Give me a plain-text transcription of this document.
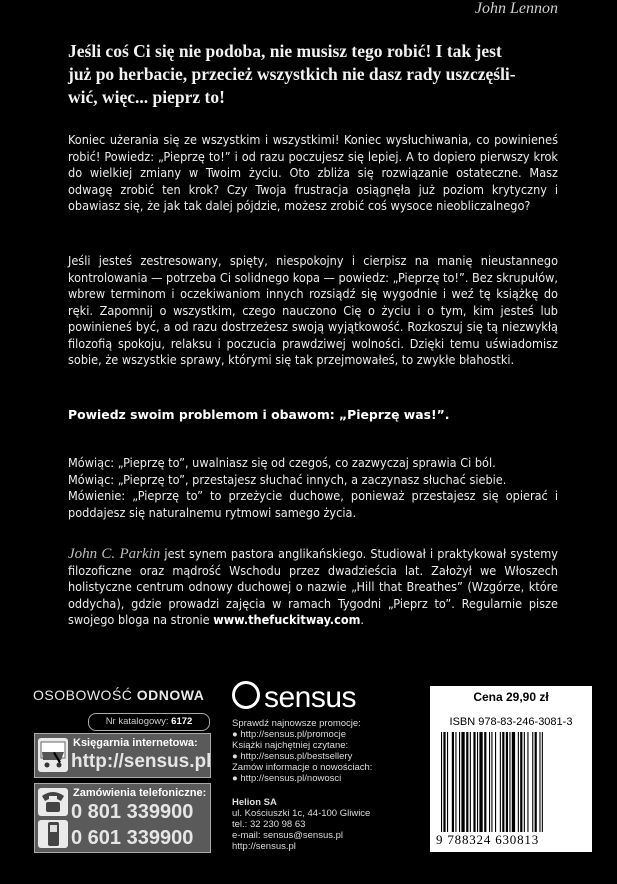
Jeśli coś Ci się nie podoba, nie musisz tego robić! I tak jest
już po herbacie, przecież wszystkich nie dasz rady uszczęśli-
wić, więc... pieprz to!
John Lennon
Koniec użerania się ze wszystkim i wszystkimi! Koniec wysłuchiwania, co powinieneś robić! Powiedz: „Pieprzę to!” i od razu poczujesz się lepiej. A to dopiero pierwszy krok do wielkiej zmiany w Twoim życiu. Oto zbliża się rozwiązanie ostateczne. Masz odwagę zrobić ten krok? Czy Twoja frustracja osiągnęła już poziom krytyczny i obawiasz się, że jak tak dalej pójdzie, możesz zrobić coś wysoce nieobliczalnego?
Jeśli jesteś zestresowany, spięty, niespokojny i cierpisz na manię nieustannego kontrolowania — potrzeba Ci solidnego kopa — powiedz: „Pieprzę to!”. Bez skrupułów, wbrew terminom i oczekiwaniom innych rozsiądź się wygodnie i weź tę książkę do ręki. Zapomnij o wszystkim, czego nauczono Cię o życiu i o tym, kim jesteś lub powinieneś być, a od razu dostrzeżesz swoją wyjątkowość. Rozkoszuj się tą niezwykłą filozofią spokoju, relaksu i poczucia prawdziwej wolności. Dzięki temu uświadomisz sobie, że wszystkie sprawy, którymi się tak przejmowałeś, to zwykłe błahostki.
Powiedz swoim problemom i obawom: „Pieprzę was!”.
Mówiąc: „Pieprzę to”, uwalniasz się od czegoś, co zazwyczaj sprawia Ci ból.
Mówiąc: „Pieprzę to”, przestajesz słuchać innych, a zaczynasz słuchać siebie.
Mówienie: „Pieprzę to” to przeżycie duchowe, ponieważ przestajesz się opierać i poddajesz się naturalnemu rytmowi samego życia.
John C. Parkin jest synem pastora anglikańskiego. Studiował i praktykował systemy filozoficzne oraz mądrość Wschodu przez dwadzieścia lat. Założył we Włoszech holistyczne centrum odnowy duchowej o nazwie „Hill that Breathes” (Wzgórze, które oddycha), gdzie prowadzi zajęcia w ramach Tygodni „Pieprz to”. Regularnie pisze swojego bloga na stronie www.thefuckitway.com.
OSOBOWOŚĆ ODNOWA
Nr katalogowy: 6172
Księgarnia internetowa:
http://sensus.pl
Zamówienia telefoniczne:
0 801 339900
0 601 339900
sensus
Sprawdź najnowsze promocje:
● http://sensus.pl/promocje
Książki najchętniej czytane:
● http://sensus.pl/bestsellery
Zamów informacje o nowościach:
● http://sensus.pl/nowosci
Helion SA
ul. Kościuszki 1c, 44-100 Gliwice
tel.: 32 230 98 63
e-mail: sensus@sensus.pl
http://sensus.pl
Cena 29,90 zł
ISBN 978-83-246-3081-3
9 788324 630813
